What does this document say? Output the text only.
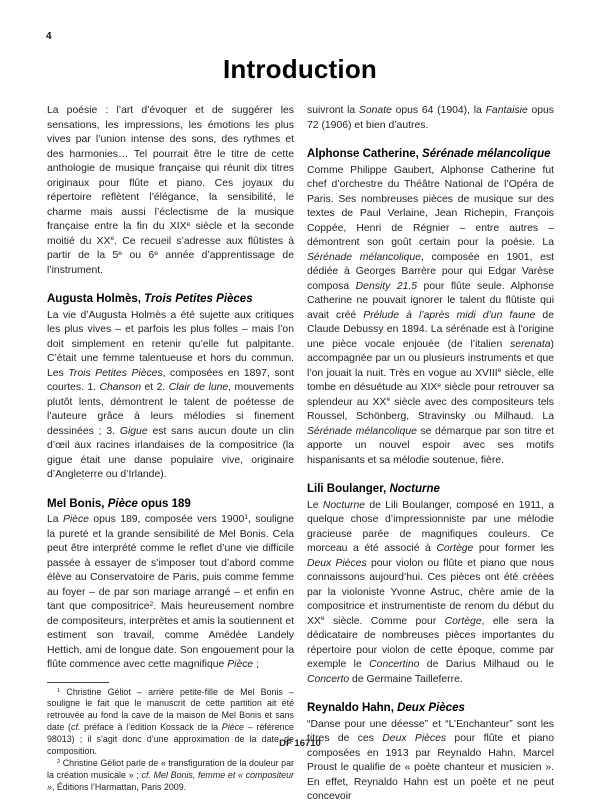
4
Introduction

La poésie : l’art d’évoquer et de suggérer les sensations, les impressions, les émotions les plus vives par l’union intense des sons, des rythmes et des harmonies… Tel pourrait être le titre de cette anthologie de musique française qui réunit dix titres originaux pour flûte et piano. Ces joyaux du répertoire reflètent l’élégance, la sensibilité, le charme mais aussi l’éclectisme de la musique française entre la fin du XIXe siècle et la seconde moitié du XXe. Ce recueil s’adresse aux flûtistes à partir de la 5e ou 6e année d’apprentissage de l’instrument.

Augusta Holmès, Trois Petites Pièces

La vie d’Augusta Holmès a été sujette aux critiques les plus vives – et parfois les plus folles – mais l’on doit simplement en retenir qu’elle fut palpitante. C’était une femme talentueuse et hors du commun. Les Trois Petites Pièces, composées en 1897, sont courtes. 1. Chanson et 2. Clair de lune, mouvements plutôt lents, démontrent le talent de poétesse de l’auteure grâce à leurs mélodies si finement dessinées ; 3. Gigue est sans aucun doute un clin d’œil aux racines irlandaises de la compositrice (la gigue était une danse populaire vive, originaire d’Angleterre ou d’Irlande).

Mel Bonis, Pièce opus 189

La Pièce opus 189, composée vers 1900$^1$, souligne la pureté et la grande sensibilité de Mel Bonis. Cela peut être interprété comme le reflet d’une vie difficile passée à essayer de s’imposer tout d’abord comme élève au Conservatoire de Paris, puis comme femme au foyer – de par son mariage arrangé – et enfin en tant que compositrice$^2$. Mais heureusement nombre de compositeurs, interprètes et amis la soutiennent et estiment son travail, comme Amédée Landely Hettich, ami de longue date. Son engouement pour la flûte commence avec cette magnifique Pièce ;

$^1$ Christine Géliot – arrière petite-fille de Mel Bonis – souligne le fait que le manuscrit de cette partition ait été retrouvée au fond la cave de la maison de Mel Bonis et sans date (cf. préface à l’édition Kossack de la Pièce – référence 98013) ; il s’agit donc d’une approximation de la date de composition.

$^2$ Christine Géliot parle de « transfiguration de la douleur par la création musicale » ; cf. Mel Bonis, femme et « compositeur », Éditions l’Harmattan, Paris 2009.

suivront la Sonate opus 64 (1904), la Fantaisie opus 72 (1906) et bien d’autres.

Alphonse Catherine, Sérénade mélancolique

Comme Philippe Gaubert, Alphonse Catherine fut chef d’orchestre du Théâtre National de l’Opéra de Paris. Ses nombreuses pièces de musique sur des textes de Paul Verlaine, Jean Richepin, François Coppée, Henri de Régnier – entre autres – démontrent son goût certain pour la poésie. La Sérénade mélancolique, composée en 1901, est dédiée à Georges Barrère pour qui Edgar Varèse composa Density 21.5 pour flûte seule. Alphonse Catherine ne pouvait ignorer le talent du flûtiste qui avait créé Prélude à l’après midi d’un faune de Claude Debussy en 1894. La sérénade est à l’origine une pièce vocale enjouée (de l’italien serenata) accompagnée par un ou plusieurs instruments et que l’on jouait la nuit. Très en vogue au XVIIIe siècle, elle tombe en désuétude au XIXe siècle pour retrouver sa splendeur au XXe siècle avec des compositeurs tels Roussel, Schönberg, Stravinsky ou Milhaud. La Sérénade mélancolique se démarque par son titre et apporte un nouvel espoir avec ses motifs hispanisants et sa mélodie soutenue, fière.

Lili Boulanger, Nocturne

Le Nocturne de Lili Boulanger, composé en 1911, a quelque chose d’impressionniste par une mélodie gracieuse parée de magnifiques couleurs. Ce morceau a été associé à Cortège pour former les Deux Pièces pour violon ou flûte et piano que nous connaissons aujourd’hui. Ces pièces ont été créées par la violoniste Yvonne Astruc, chère amie de la compositrice et instrumentiste de renom du début du XXe siècle. Comme pour Cortège, elle sera la dédicataire de nombreuses pièces importantes du répertoire pour violon de cette époque, comme par exemple le Concertino de Darius Milhaud ou le Concerto de Germaine Tailleferre.

Reynaldo Hahn, Deux Pièces

“Danse pour une déesse” et “L’Enchanteur” sont les titres de ces Deux Pièces pour flûte et piano composées en 1913 par Reynaldo Hahn. Marcel Proust le qualifie de « poète chanteur et musicien ». En effet, Reynaldo Hahn est un poète et ne peut concevoir

DF 16710
